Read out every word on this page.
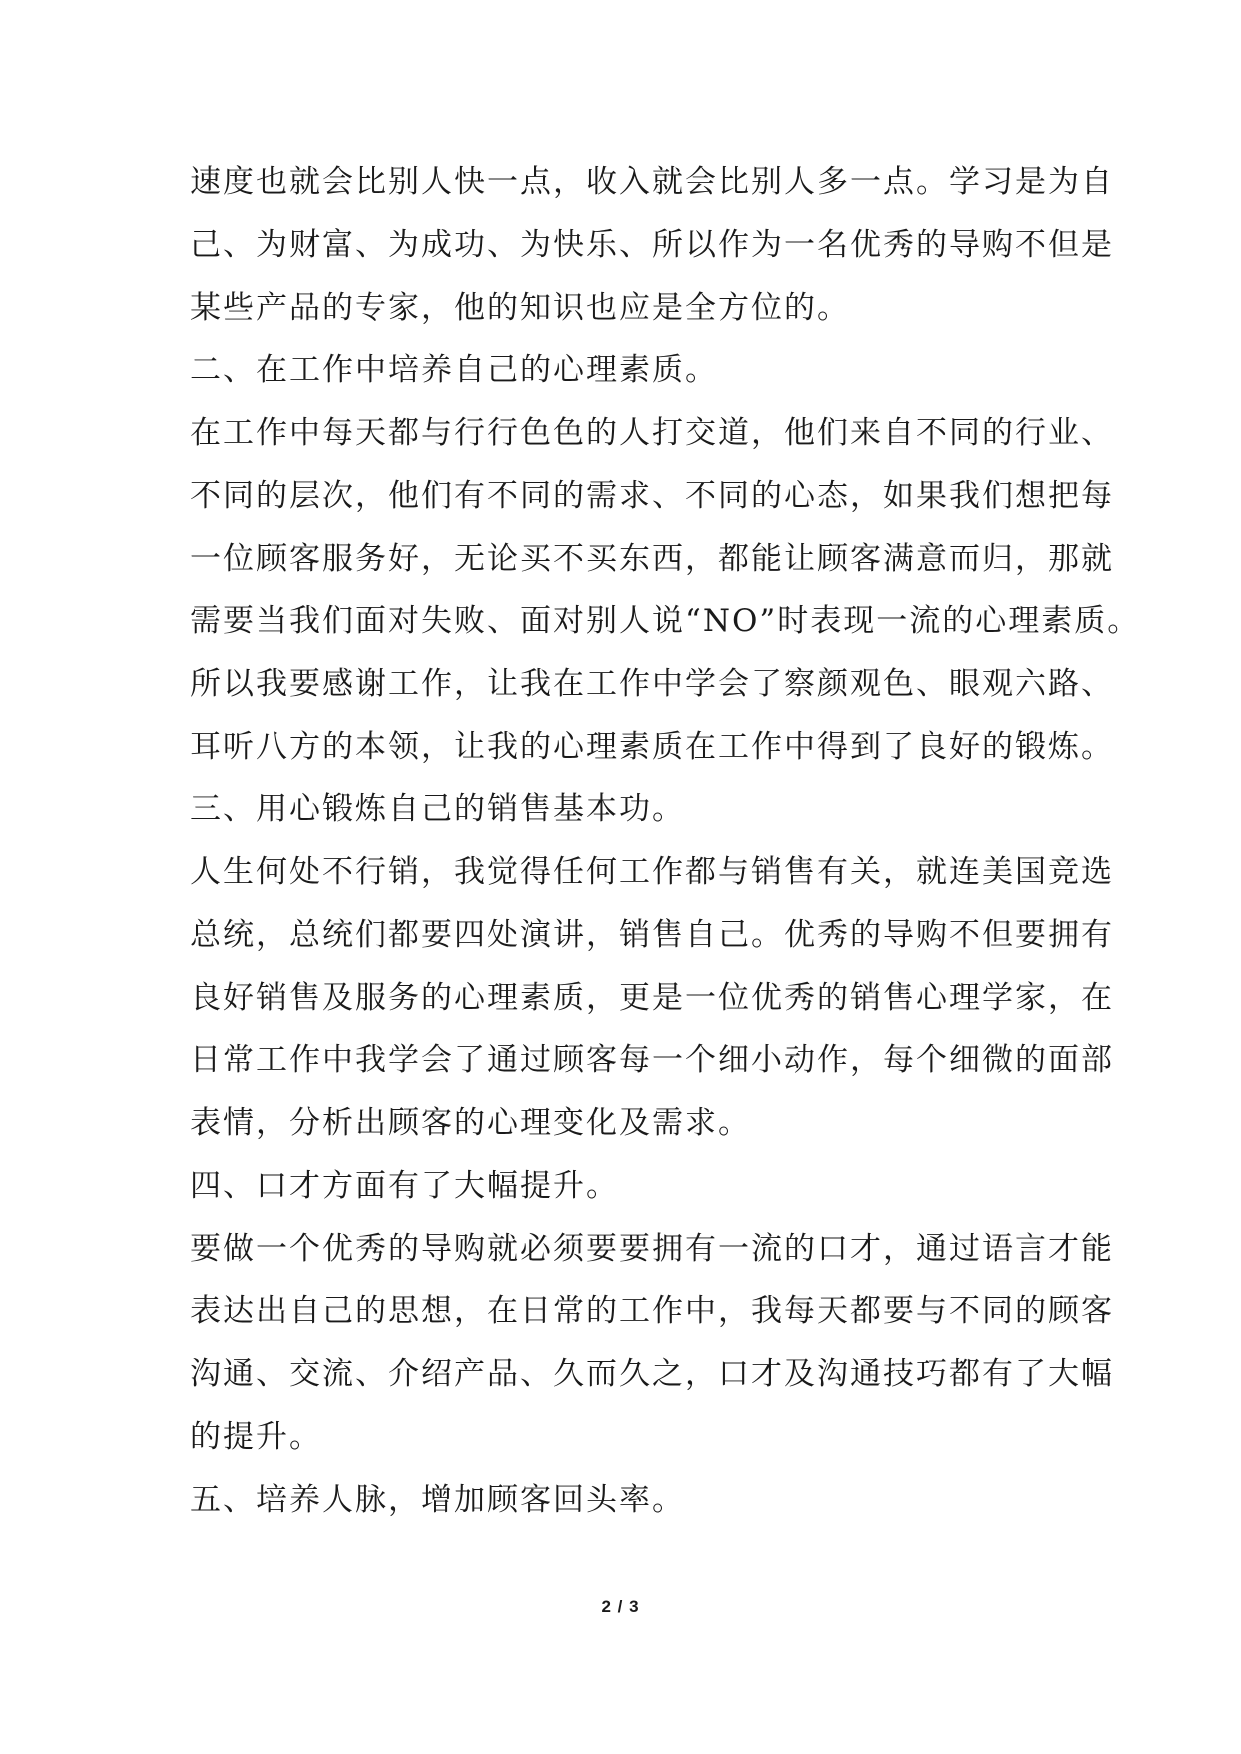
速度也就会比别人快一点，收入就会比别人多一点。学习是为自
己、为财富、为成功、为快乐、所以作为一名优秀的导购不但是
某些产品的专家，他的知识也应是全方位的。
二、在工作中培养自己的心理素质。
在工作中每天都与行行色色的人打交道，他们来自不同的行业、
不同的层次，他们有不同的需求、不同的心态，如果我们想把每
一位顾客服务好，无论买不买东西，都能让顾客满意而归，那就
需要当我们面对失败、面对别人说“NO”时表现一流的心理素质。
所以我要感谢工作，让我在工作中学会了察颜观色、眼观六路、
耳听八方的本领，让我的心理素质在工作中得到了良好的锻炼。
三、用心锻炼自己的销售基本功。
人生何处不行销，我觉得任何工作都与销售有关，就连美国竞选
总统，总统们都要四处演讲，销售自己。优秀的导购不但要拥有
良好销售及服务的心理素质，更是一位优秀的销售心理学家，在
日常工作中我学会了通过顾客每一个细小动作，每个细微的面部
表情，分析出顾客的心理变化及需求。
四、口才方面有了大幅提升。
要做一个优秀的导购就必须要要拥有一流的口才，通过语言才能
表达出自己的思想，在日常的工作中，我每天都要与不同的顾客
沟通、交流、介绍产品、久而久之，口才及沟通技巧都有了大幅
的提升。
五、培养人脉，增加顾客回头率。
2 / 3
